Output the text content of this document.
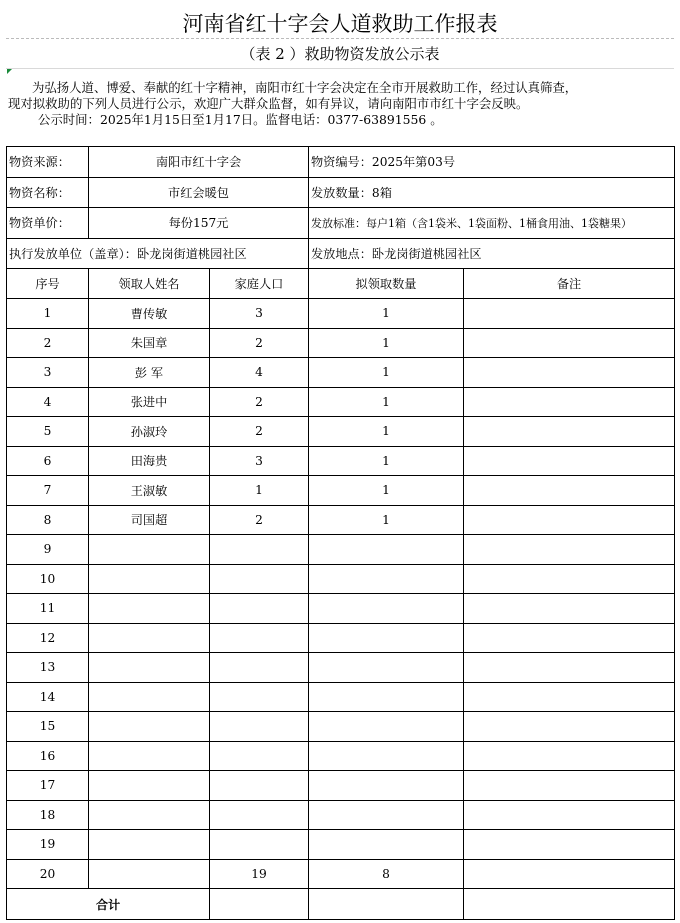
河南省红十字会人道救助工作报表
（表 2 ）救助物资发放公示表

为弘扬人道、博爱、奉献的红十字精神，南阳市红十字会决定在全市开展救助工作，经过认真筛查，

现对拟救助的下列人员进行公示，欢迎广大群众监督，如有异议，请向南阳市市红十字会反映。

公示时间：2025年1月15日至1月17日。监督电话：0377-63891556 。

物资来源：	南阳市红十字会		物资编号：2025年第03号	
物资名称：	市红会暖包		发放数量：8箱	
物资单价：	每份157元		发放标准：每户1箱（含1袋米、1袋面粉、1桶食用油、1袋糖果）	
执行发放单位（盖章）：卧龙岗街道桃园社区			发放地点：卧龙岗街道桃园社区	
序号	领取人姓名	家庭人口	拟领取数量	备注
1	曹传敏	3	1	
2	朱国章	2	1	
3	彭 军	4	1	
4	张进中	2	1	
5	孙淑玲	2	1	
6	田海贵	3	1	
7	王淑敏	1	1	
8	司国超	2	1	
9				
10				
11				
12				
13				
14				
15				
16				
17				
18				
19				
20		19	8	
合计				
